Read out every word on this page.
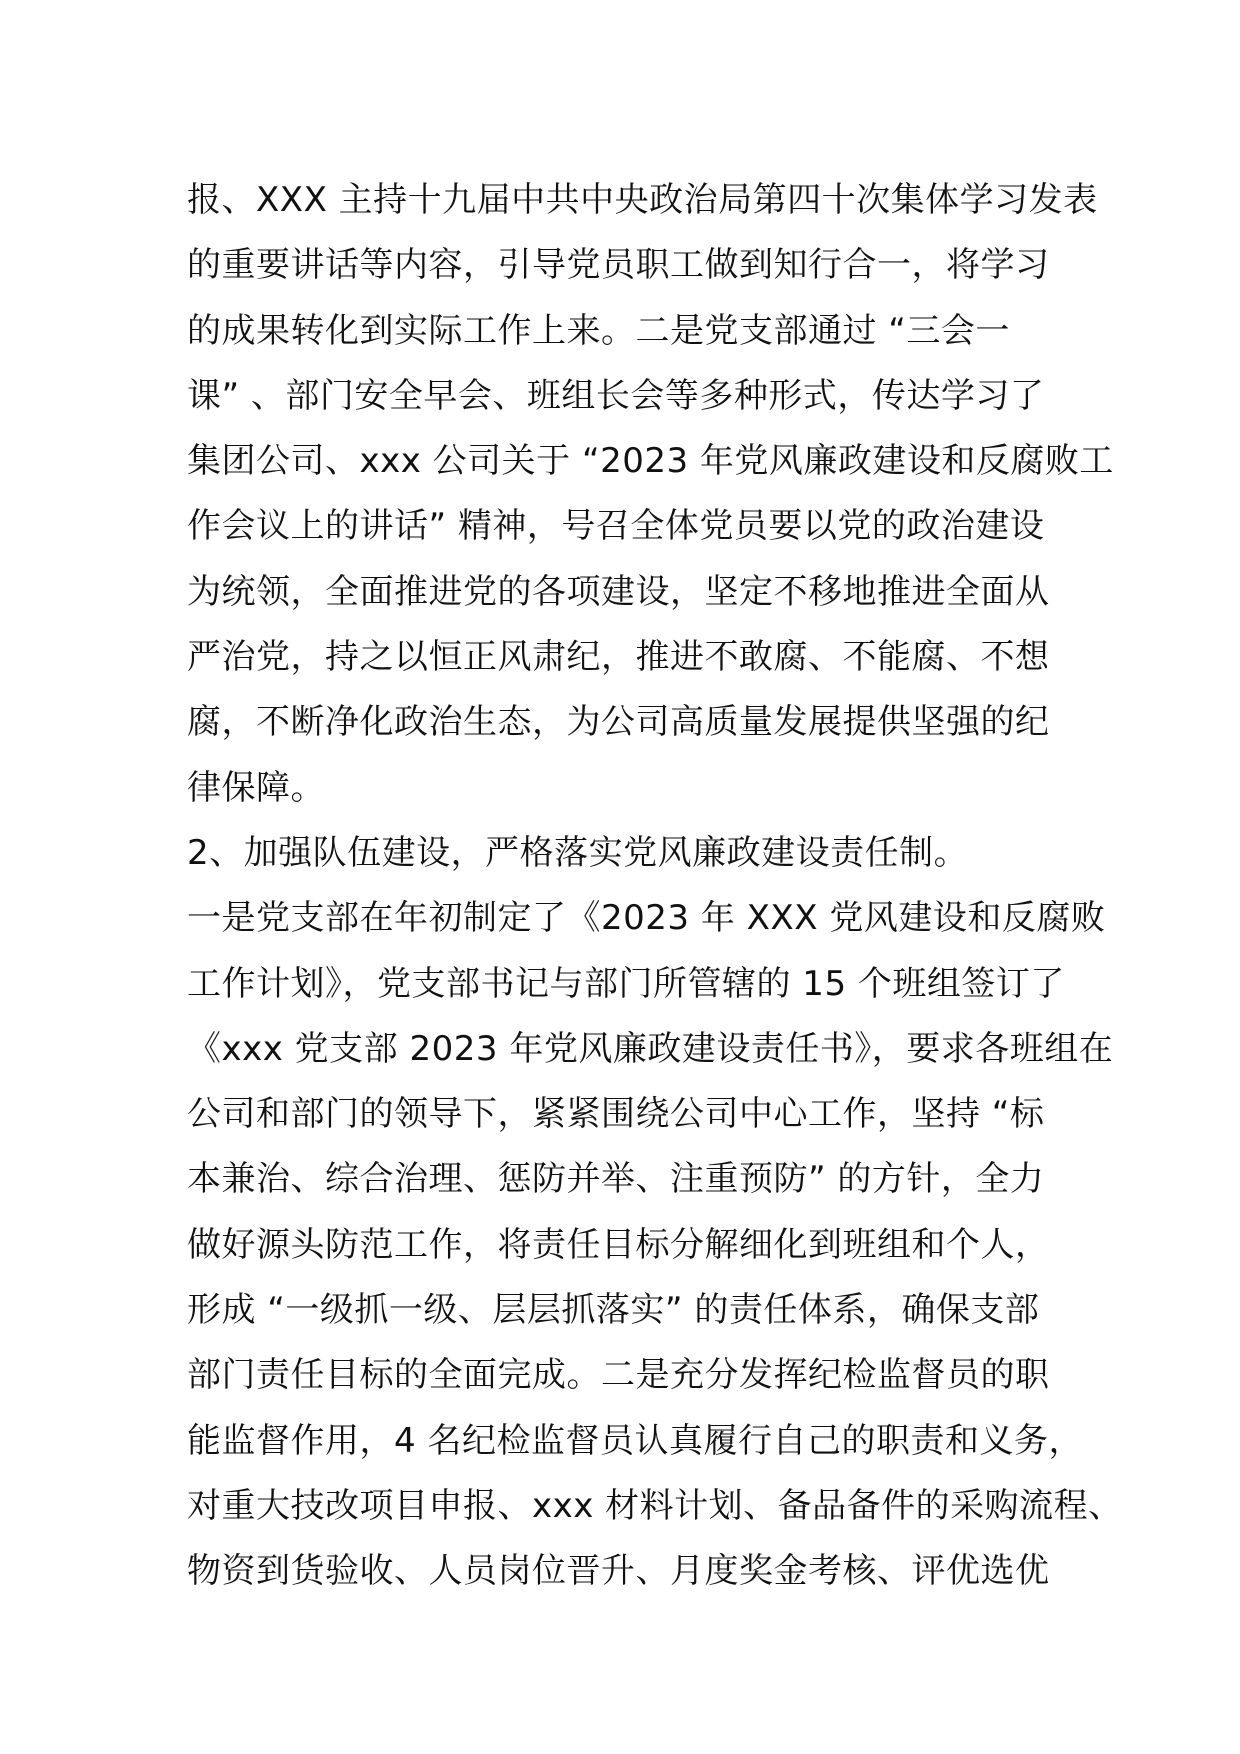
报、XXX 主持十九届中共中央政治局第四十次集体学习发表
的重要讲话等内容，引导党员职工做到知行合一，将学习
的成果转化到实际工作上来。二是党支部通过 “三会一
课” 、部门安全早会、班组长会等多种形式，传达学习了
集团公司、xxx 公司关于 “2023 年党风廉政建设和反腐败工
作会议上的讲话” 精神，号召全体党员要以党的政治建设
为统领，全面推进党的各项建设，坚定不移地推进全面从
严治党，持之以恒正风肃纪，推进不敢腐、不能腐、不想
腐，不断净化政治生态，为公司高质量发展提供坚强的纪
律保障。
2、加强队伍建设，严格落实党风廉政建设责任制。
一是党支部在年初制定了《2023 年 XXX 党风建设和反腐败
工作计划》，党支部书记与部门所管辖的 15 个班组签订了
《xxx 党支部 2023 年党风廉政建设责任书》，要求各班组在
公司和部门的领导下，紧紧围绕公司中心工作，坚持 “标
本兼治、综合治理、惩防并举、注重预防” 的方针，全力
做好源头防范工作，将责任目标分解细化到班组和个人，
形成 “一级抓一级、层层抓落实” 的责任体系，确保支部
部门责任目标的全面完成。二是充分发挥纪检监督员的职
能监督作用，4 名纪检监督员认真履行自己的职责和义务，
对重大技改项目申报、xxx 材料计划、备品备件的采购流程、
物资到货验收、人员岗位晋升、月度奖金考核、评优选优
